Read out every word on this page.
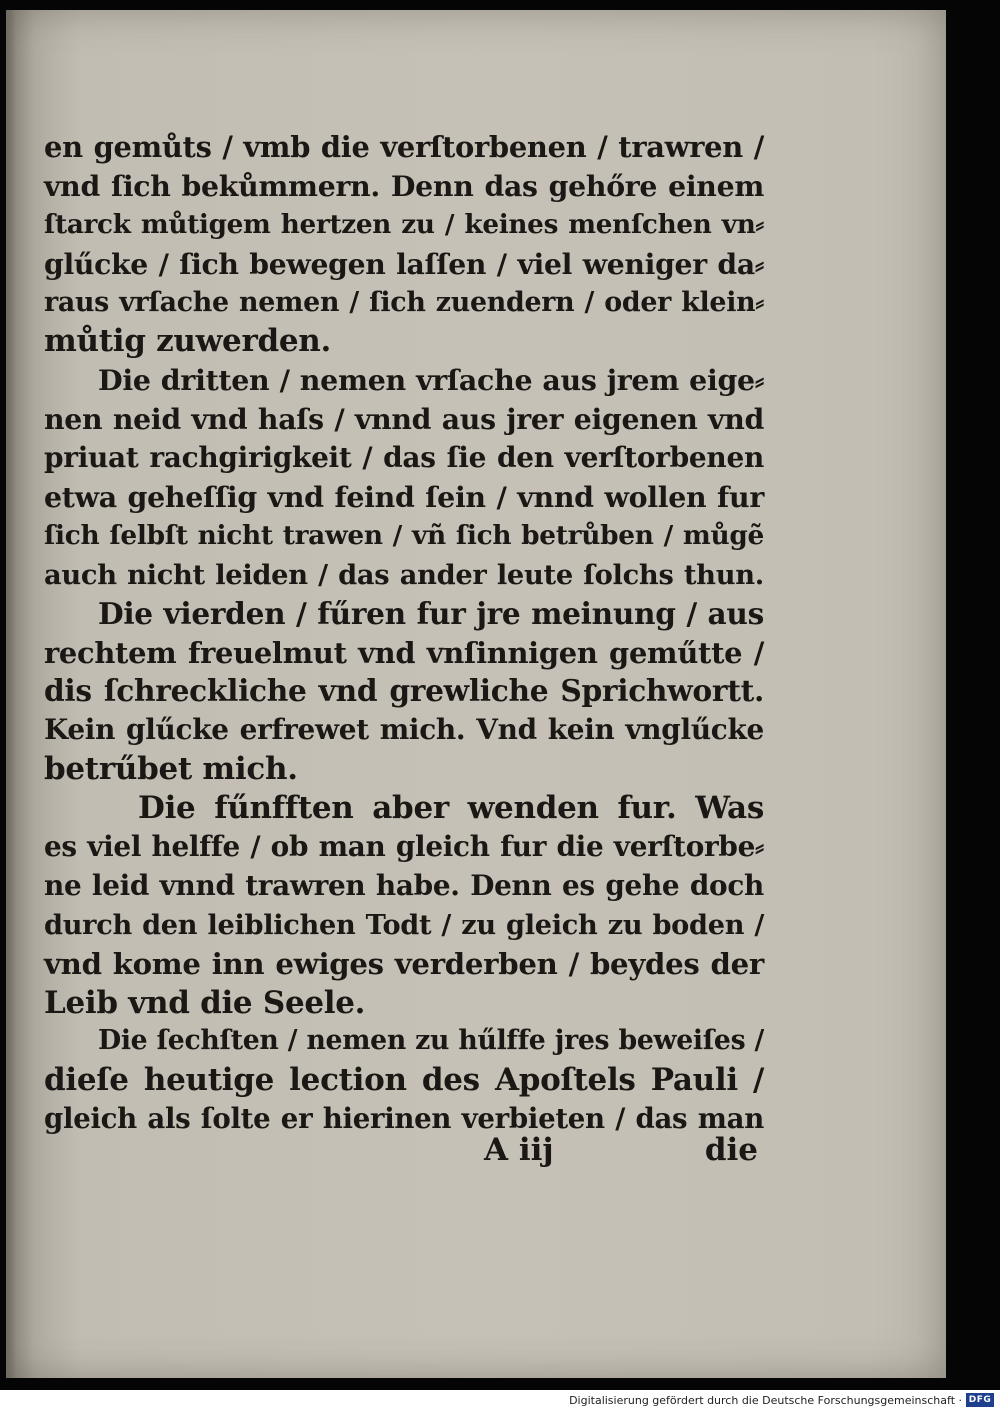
en gemůts / vmb die verſtorbenen / trawren /
vnd ſich bekůmmern. Denn das gehőre einem
ſtarck můtigem hertzen zu / keines menſchen vn⸗
glűcke / ſich bewegen laſſen / viel weniger da⸗
raus vrſache nemen / ſich zuendern / oder klein⸗
můtig zuwerden.
Die dritten / nemen vrſache aus jrem eige⸗
nen neid vnd haſs / vnnd aus jrer eigenen vnd
priuat rachgirigkeit / das ſie den verſtorbenen
etwa geheſſig vnd feind ſein / vnnd wollen fur
ſich ſelbſt nicht trawen / vñ ſich betrůben / můgẽ
auch nicht leiden / das ander leute ſolchs thun.
Die vierden / fűren fur jre meinung / aus
rechtem freuelmut vnd vnſinnigen geműtte /
dis ſchreckliche vnd grewliche Sprichwortt.
Kein glűcke erfrewet mich. Vnd kein vnglűcke
betrűbet mich.
Die fűnfften aber wenden fur. Was
es viel helffe / ob man gleich fur die verſtorbe⸗
ne leid vnnd trawren habe. Denn es gehe doch
durch den leiblichen Todt / zu gleich zu boden /
vnd kome inn ewiges verderben / beydes der
Leib vnd die Seele.
Die ſechſten / nemen zu hűlffe jres beweiſes /
dieſe heutige lection des Apoſtels Pauli /
gleich als ſolte er hierinen verbieten / das man
A iij	die
Digitalisierung gefördert durch die Deutsche Forschungsgemeinschaft · DFG
